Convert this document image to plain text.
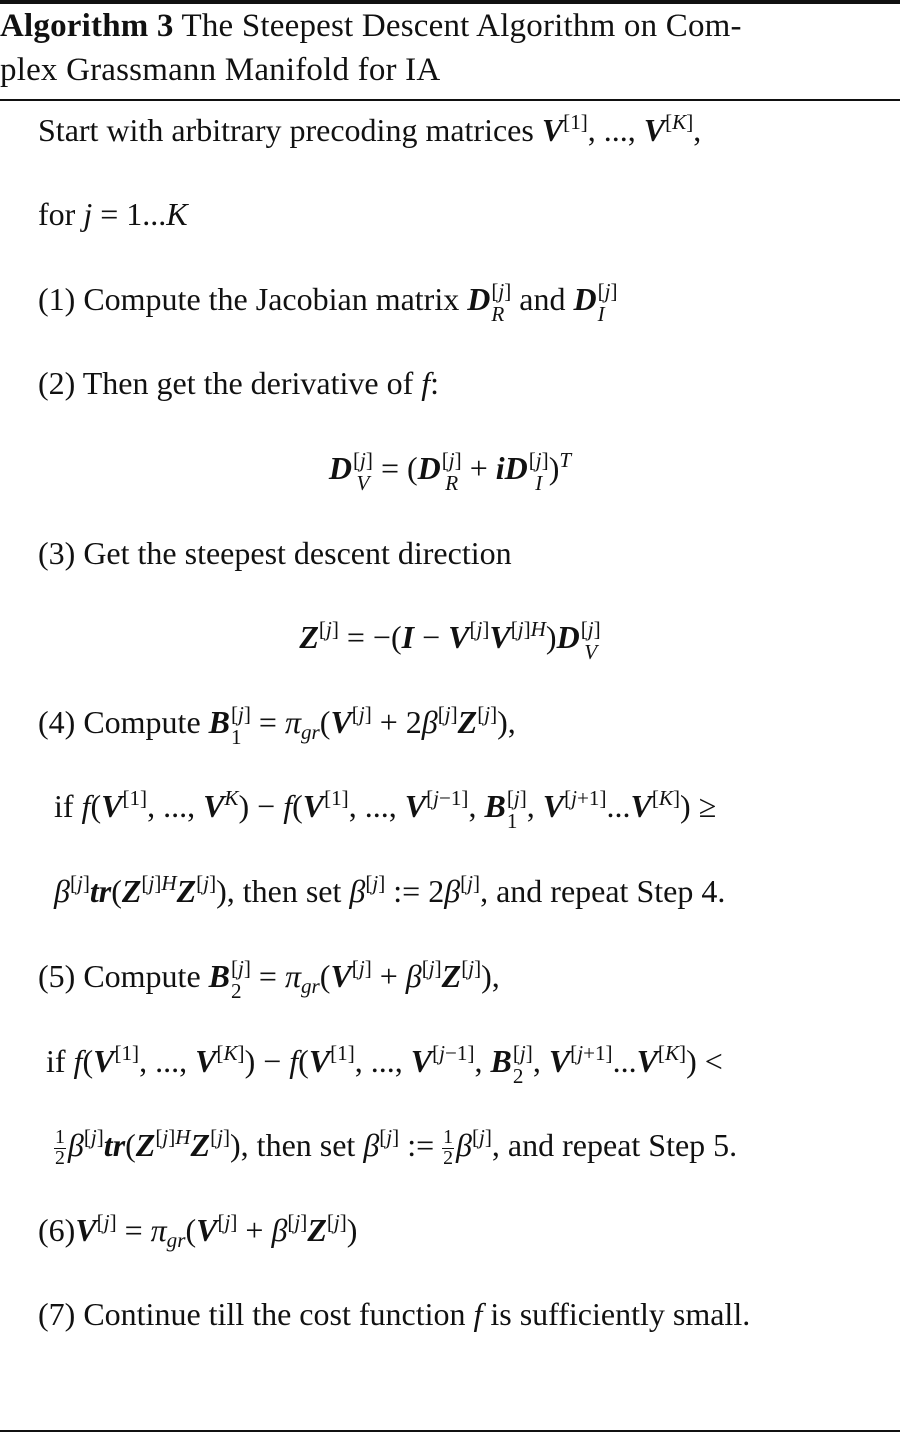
Algorithm 3 The Steepest Descent Algorithm on Com-
plex Grassmann Manifold for IA
Start with arbitrary precoding matrices V[1], ..., V[K],
for j = 1...K
(1) Compute the Jacobian matrix D [j]
R and D [j]
I
(2) Then get the derivative of f:
D [j]
V = (D [j]
R + iD [j]
I )$^T$
(3) Get the steepest descent direction
$Z[j] = -(I - V[j]V^{[j]H})D$ [j]
V
(4) Compute B [j]
$1 = \pi_{gr}(V[j] + 2\beta[j]Z[j])$,
if f(V[1], ..., $V^K) - f(V[1]$, ..., V[j−1], B [j]
1 , V[j+1]...V[K]) ≥
$\beta[j]tr(Z^{[j]H}Z[j])$, then set β[j] := 2β[j], and repeat Step 4.
(5) Compute B [j]
$2 = \pi_{gr}(V[j] + \beta[j]Z[j])$,
if f(V[1], ..., V[K]) − f(V[1], ..., V[j−1], B [j]
2 , V[j+1]...V[K]) <
$\frac{1}{2} \beta[j]tr(Z^{[j]H}Z[j])$, then set β[j] := $\frac{1}{2} \beta[j]$, and repeat Step 5.
$(6)V[j] = \pi_{gr}(V[j] + \beta[j]Z[j])$
(7) Continue till the cost function f is sufficiently small.
